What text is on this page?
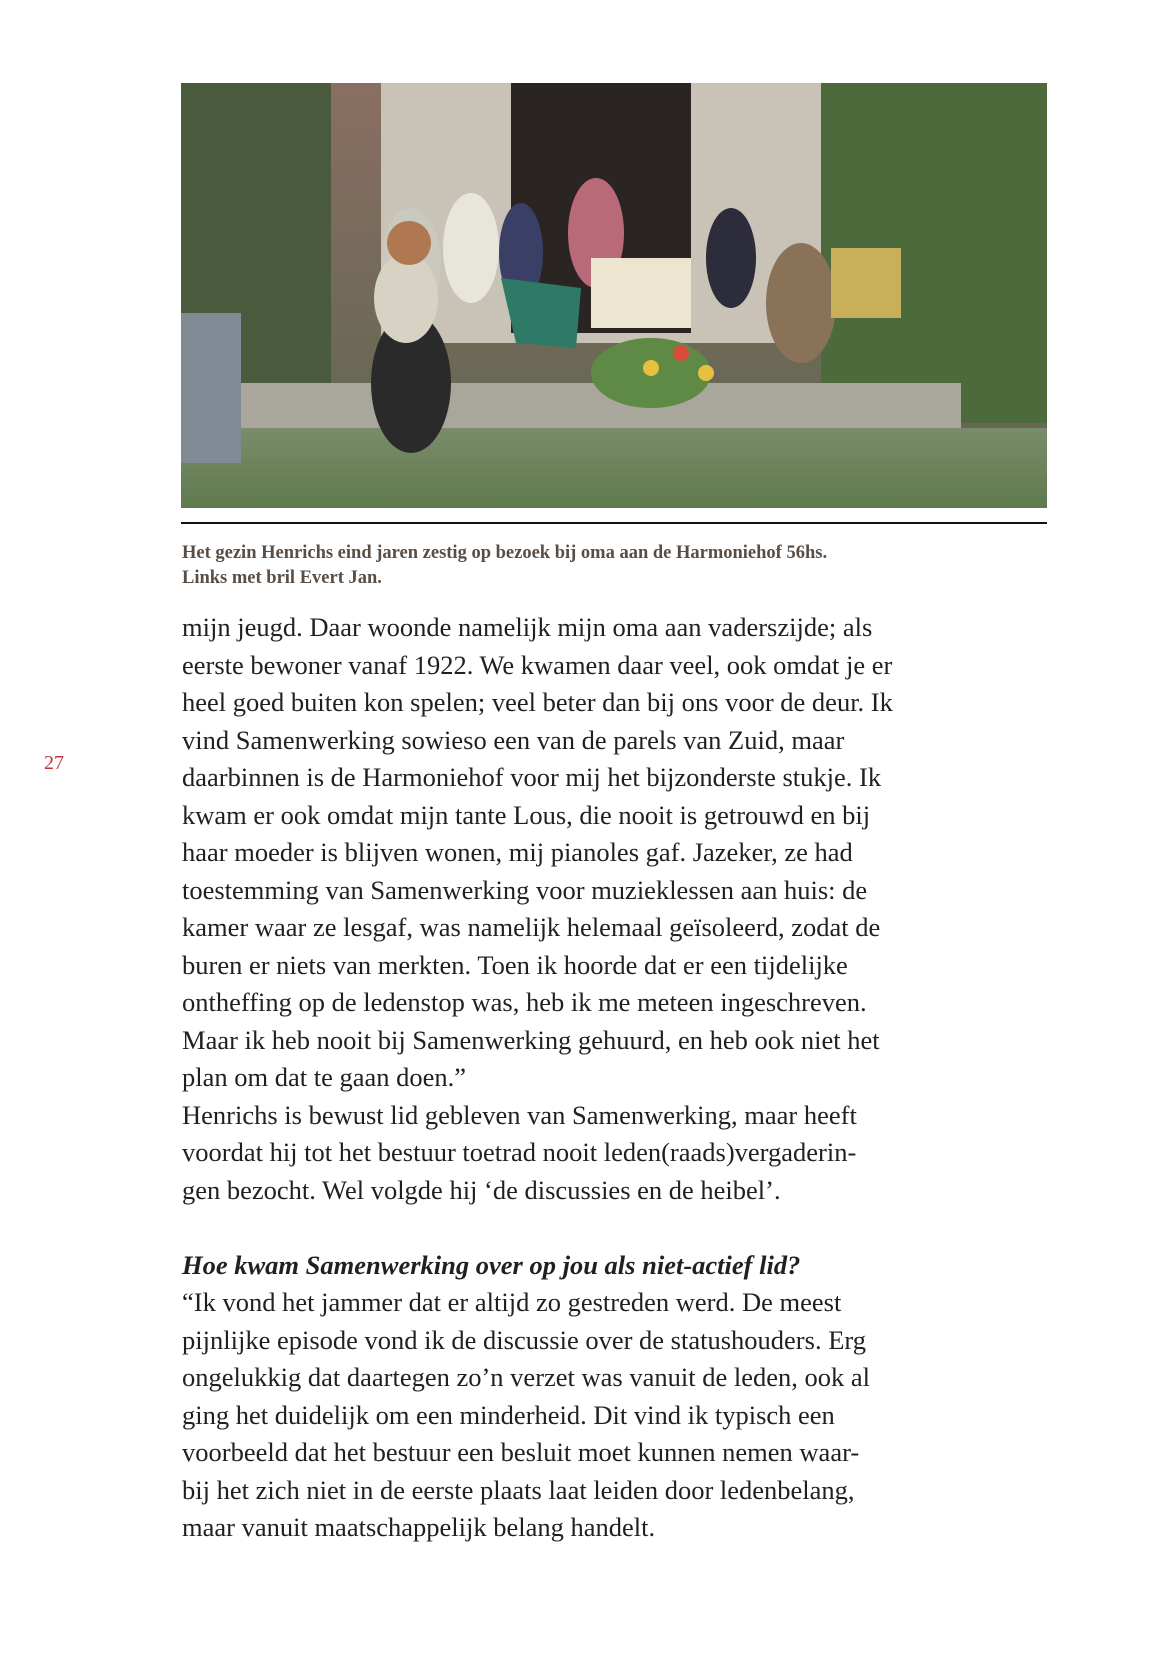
Het gezin Henrichs eind jaren zestig op bezoek bij oma aan de Harmoniehof 56hs.
Links met bril Evert Jan.
27
mijn jeugd. Daar woonde namelijk mijn oma aan vaderszijde; als
eerste bewoner vanaf 1922. We kwamen daar veel, ook omdat je er
heel goed buiten kon spelen; veel beter dan bij ons voor de deur. Ik
vind Samenwerking sowieso een van de parels van Zuid, maar
daarbinnen is de Harmoniehof voor mij het bijzonderste stukje. Ik
kwam er ook omdat mijn tante Lous, die nooit is getrouwd en bij
haar moeder is blijven wonen, mij pianoles gaf. Jazeker, ze had
toestemming van Samenwerking voor muzieklessen aan huis: de
kamer waar ze lesgaf, was namelijk helemaal geïsoleerd, zodat de
buren er niets van merkten. Toen ik hoorde dat er een tijdelijke
ontheffing op de ledenstop was, heb ik me meteen ingeschreven.
Maar ik heb nooit bij Samenwerking gehuurd, en heb ook niet het
plan om dat te gaan doen.”
Henrichs is bewust lid gebleven van Samenwerking, maar heeft
voordat hij tot het bestuur toetrad nooit leden(raads)vergaderin-
gen bezocht. Wel volgde hij ‘de discussies en de heibel’.
Hoe kwam Samenwerking over op jou als niet-actief lid?
“Ik vond het jammer dat er altijd zo gestreden werd. De meest
pijnlijke episode vond ik de discussie over de statushouders. Erg
ongelukkig dat daartegen zo’n verzet was vanuit de leden, ook al
ging het duidelijk om een minderheid. Dit vind ik typisch een
voorbeeld dat het bestuur een besluit moet kunnen nemen waar-
bij het zich niet in de eerste plaats laat leiden door ledenbelang,
maar vanuit maatschappelijk belang handelt.
